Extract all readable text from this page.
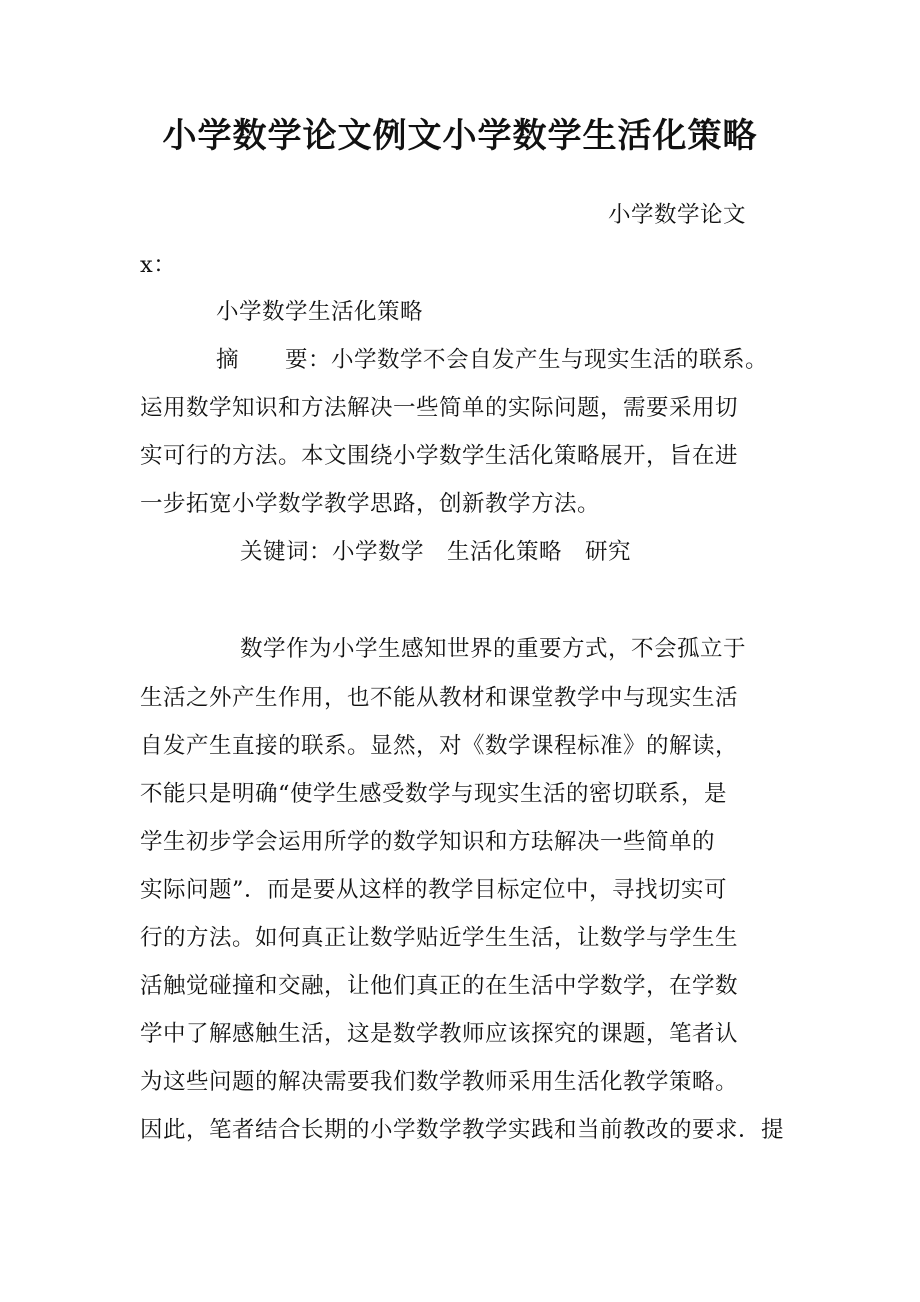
小学数学论文例文小学数学生活化策略
小学数学论文
x：
小学数学生活化策略
摘　　要：小学数学不会自发产生与现实生活的联系。
运用数学知识和方法解决一些简单的实际问题，需要采用切
实可行的方法。本文围绕小学数学生活化策略展开，旨在进
一步拓宽小学数学教学思路，创新教学方法。
关键词：小学数学　生活化策略　研究
数学作为小学生感知世界的重要方式，不会孤立于
生活之外产生作用，也不能从教材和课堂教学中与现实生活
自发产生直接的联系。显然，对《数学课程标准》的解读，
不能只是明确“使学生感受数学与现实生活的密切联系，是
学生初步学会运用所学的数学知识和方珐解决一些简单的
实际问题”．而是要从这样的教学目标定位中，寻找切实可
行的方法。如何真正让数学贴近学生生活，让数学与学生生
活触觉碰撞和交融，让他们真正的在生活中学数学，在学数
学中了解感触生活，这是数学教师应该探究的课题，笔者认
为这些问题的解决需要我们数学教师采用生活化教学策略。
因此，笔者结合长期的小学数学教学实践和当前教改的要求．提
